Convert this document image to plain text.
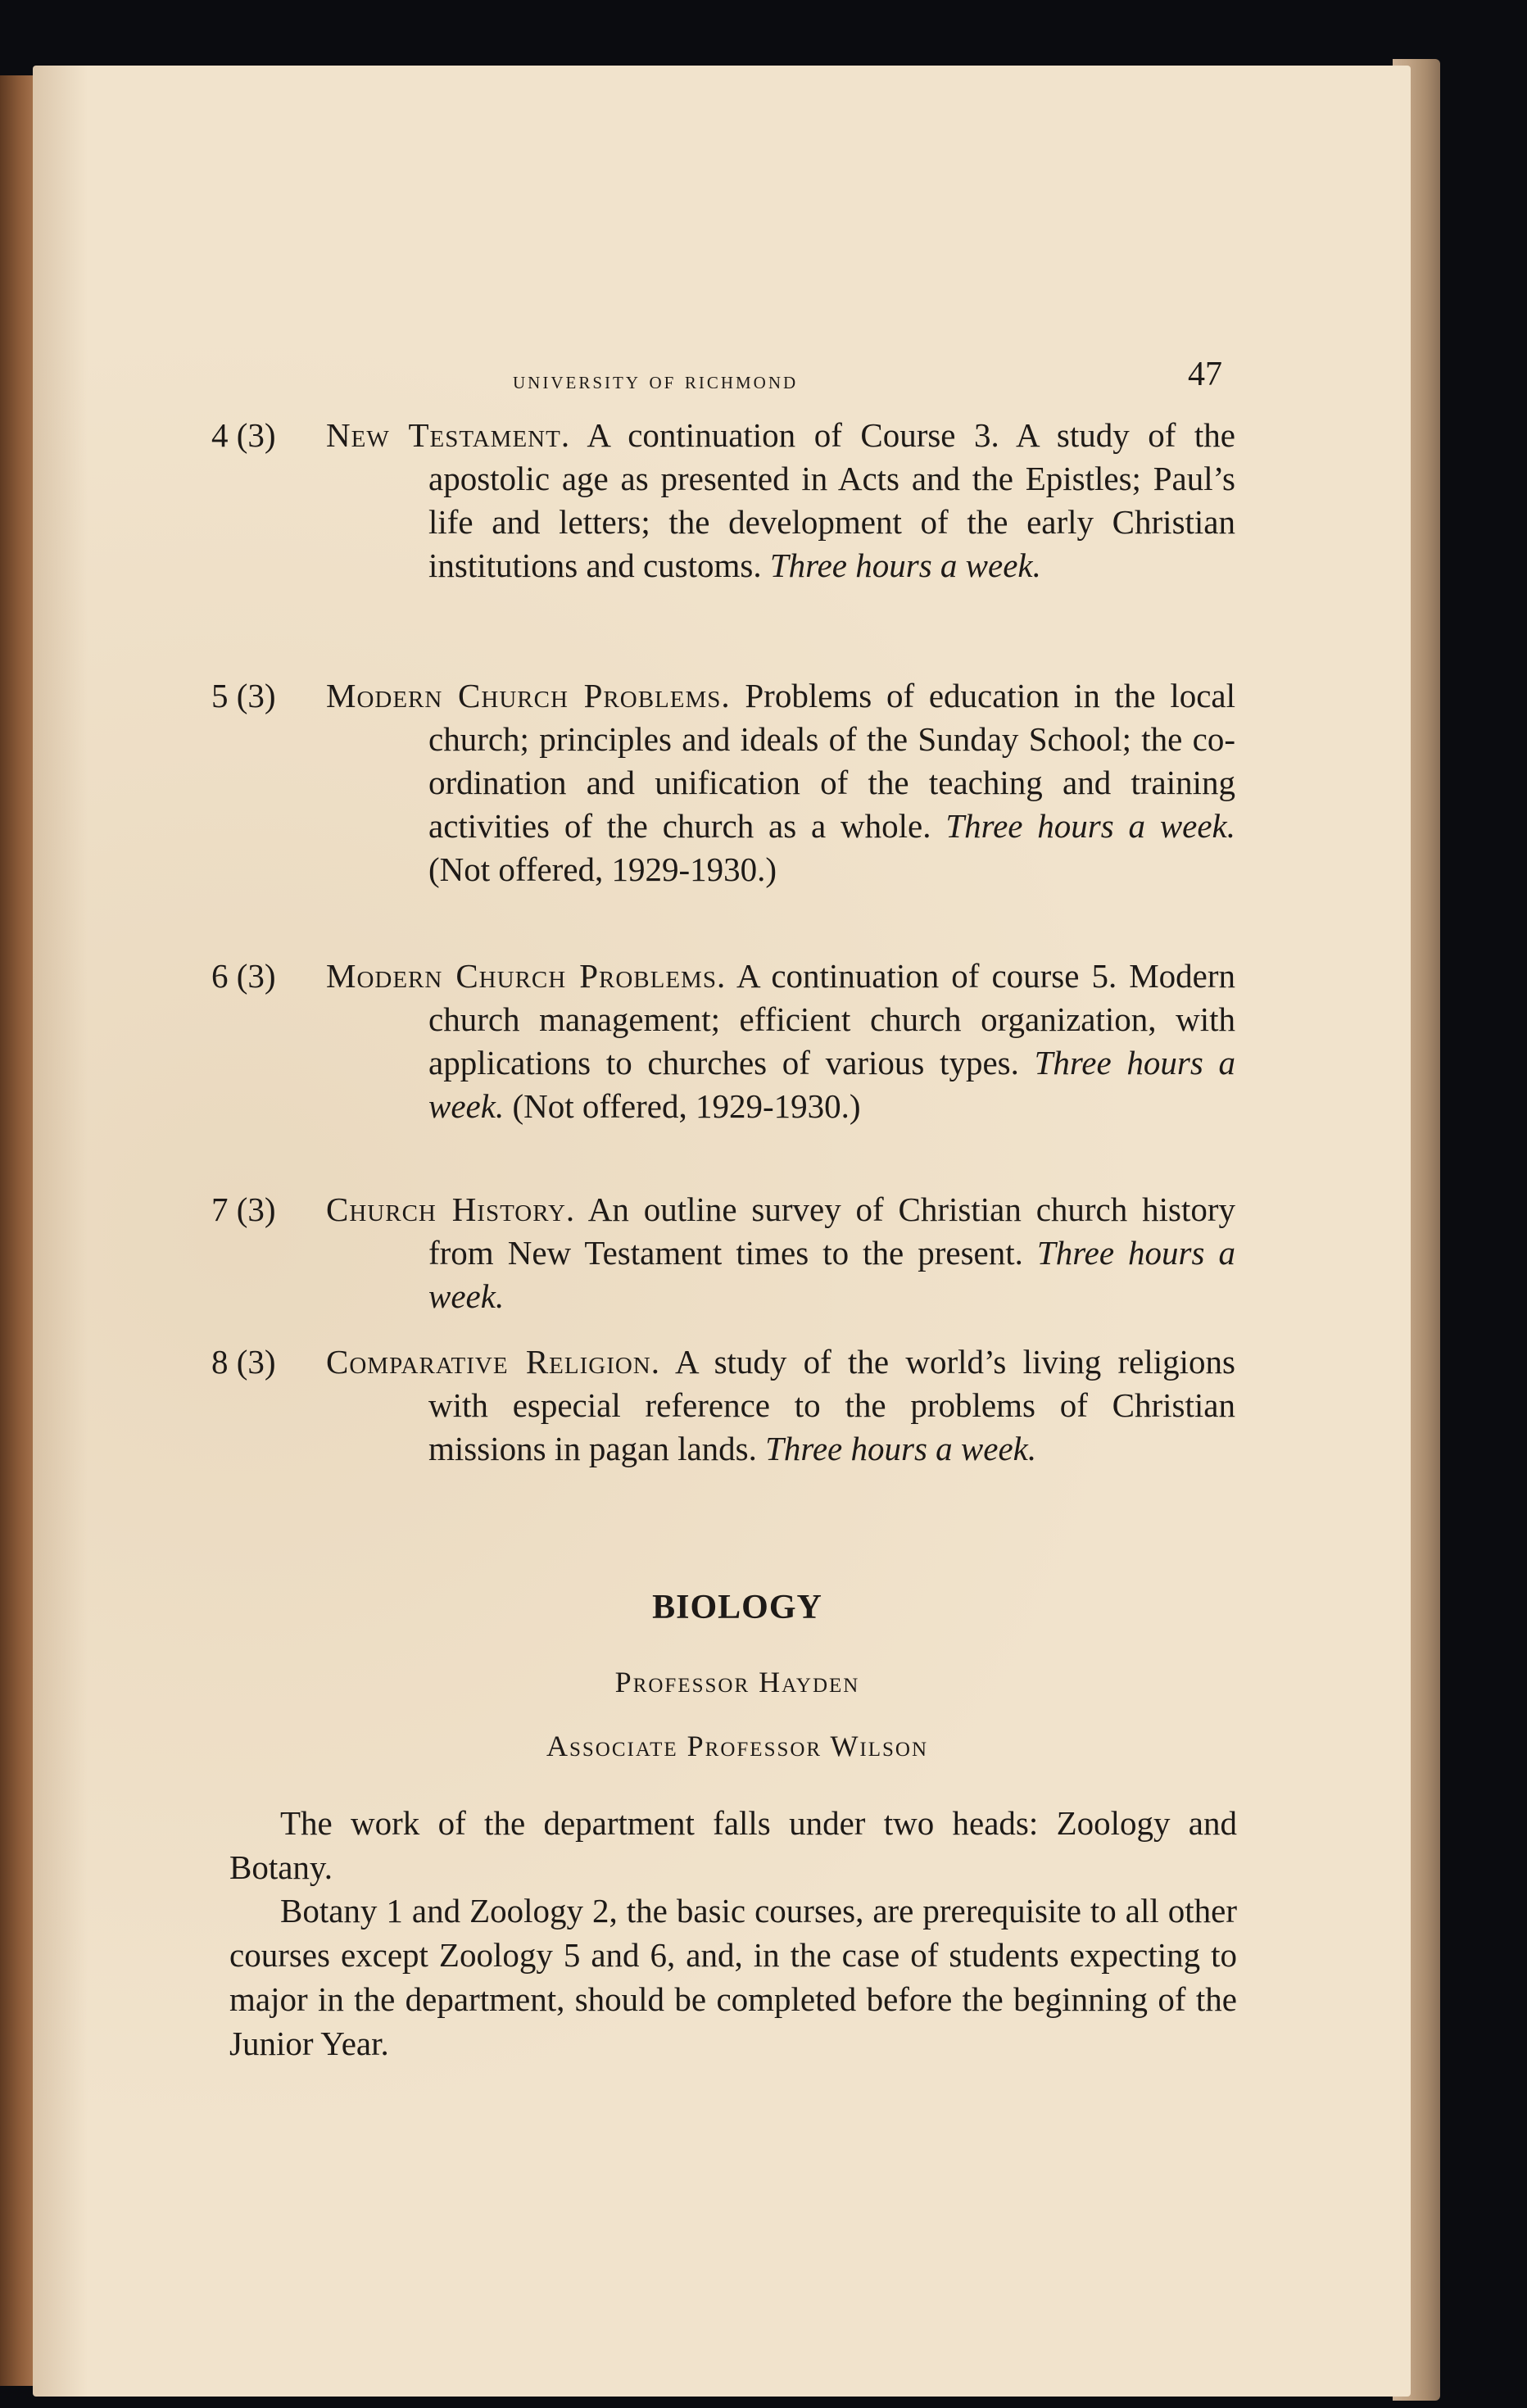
university of richmond	47
4 (3)	New Testament. A continuation of Course 3. A study of the apostolic age as presented in Acts and the Epistles; Paul’s life and letters; the development of the early Christian institutions and customs. Three hours a week.
5 (3)	Modern Church Problems. Problems of education in the local church; principles and ideals of the Sunday School; the co-ordination and unification of the teaching and training activities of the church as a whole. Three hours a week. (Not offered, 1929-1930.)
6 (3)	Modern Church Problems. A continuation of course 5. Modern church management; efficient church organization, with applications to churches of various types. Three hours a week. (Not offered, 1929-1930.)
7 (3)	Church History. An outline survey of Christian church history from New Testament times to the present. Three hours a week.
8 (3)	Comparative Religion. A study of the world’s living religions with especial reference to the problems of Christian missions in pagan lands. Three hours a week.
BIOLOGY
Professor Hayden
Associate Professor Wilson
The work of the department falls under two heads: Zoology and Botany.
Botany 1 and Zoology 2, the basic courses, are prerequisite to all other courses except Zoology 5 and 6, and, in the case of students expecting to major in the department, should be completed before the beginning of the Junior Year.
